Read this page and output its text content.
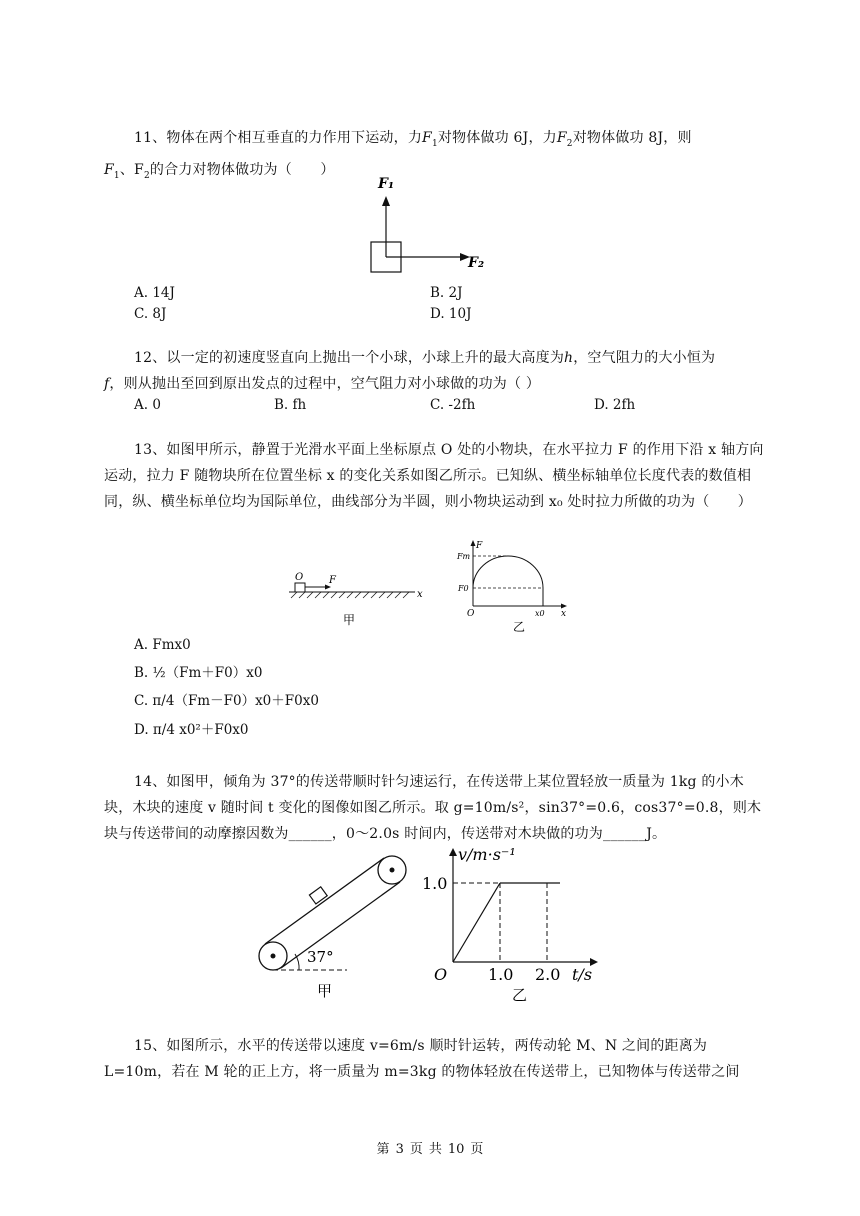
11、物体在两个相互垂直的力作用下运动，力$F_1$对物体做功 6J，力$F_2$对物体做功 8J，则

$F_1$、$F_2$的合力对物体做功为（　　）
F₁
F₂
A. 14J	B. 2J
C. 8J	D. 10J

12、以一定的初速度竖直向上抛出一个小球，小球上升的最大高度为h，空气阻力的大小恒为

f，则从抛出至回到原出发点的过程中，空气阻力对小球做的功为（ ）
A. 0	B. fh	C. -2fh	D. 2fh

13、如图甲所示，静置于光滑水平面上坐标原点 O 处的小物块，在水平拉力 F 的作用下沿 x 轴方向运动，拉力 F 随物块所在位置坐标 x 的变化关系如图乙所示。已知纵、横坐标轴单位长度代表的数值相同，纵、横坐标单位均为国际单位，曲线部分为半圆，则小物块运动到 x₀ 处时拉力所做的功为（　　）

O	F
x
甲
F
Fm
F0
O	x0 x
乙
A. Fmx0
B. ½（Fm＋F0）x0
C. π/4（Fm－F0）x0＋F0x0
D. π/4 x0²＋F0x0

14、如图甲，倾角为 37°的传送带顺时针匀速运行，在传送带上某位置轻放一质量为 1kg 的小木块，木块的速度 v 随时间 t 变化的图像如图乙所示。取 g=10m/s²，sin37°=0.6，cos37°=0.8，则木块与传送带间的动摩擦因数为______，0～2.0s 时间内，传送带对木块做的功为______J。

37°
甲
v/m·s⁻¹
1.0
O	1.0 2.0 t/s
乙

15、如图所示，水平的传送带以速度 v=6m/s 顺时针运转，两传动轮 M、N 之间的距离为

L=10m，若在 M 轮的正上方，将一质量为 m=3kg 的物体轻放在传送带上，已知物体与传送带之间
第 3 页 共 10 页
